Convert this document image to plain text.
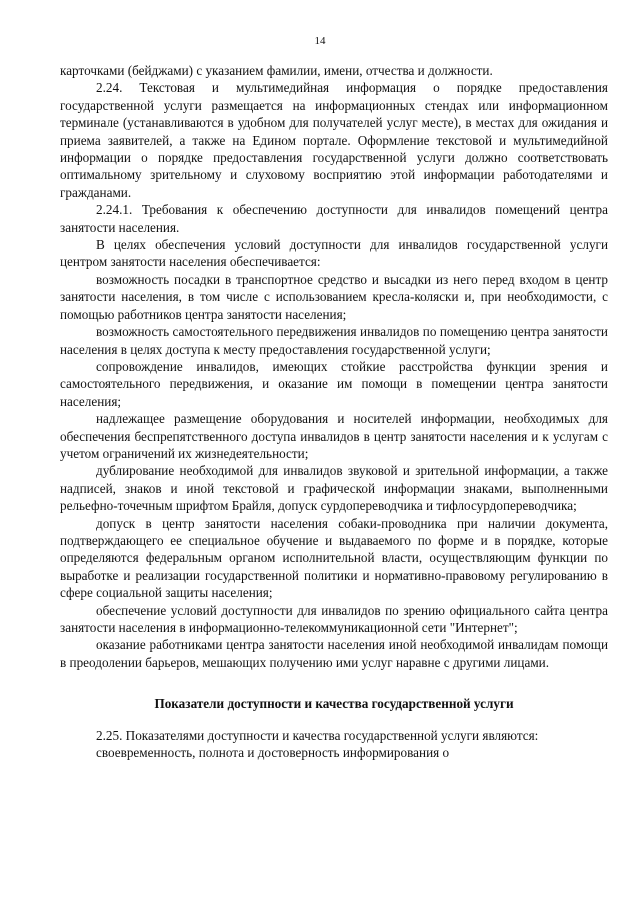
14

карточками (бейджами) с указанием фамилии, имени, отчества и должности.

2.24. Текстовая и мультимедийная информация о порядке предоставления государственной услуги размещается на информационных стендах или информационном терминале (устанавливаются в удобном для получателей услуг месте), в местах для ожидания и приема заявителей, а также на Едином портале. Оформление текстовой и мультимедийной информации о порядке предоставления государственной услуги должно соответствовать оптимальному зрительному и слуховому восприятию этой информации работодателями и гражданами.

2.24.1. Требования к обеспечению доступности для инвалидов помещений центра занятости населения.

В целях обеспечения условий доступности для инвалидов государственной услуги центром занятости населения обеспечивается:

возможность посадки в транспортное средство и высадки из него перед входом в центр занятости населения, в том числе с использованием кресла-коляски и, при необходимости, с помощью работников центра занятости населения;

возможность самостоятельного передвижения инвалидов по помещению центра занятости населения в целях доступа к месту предоставления государственной услуги;

сопровождение инвалидов, имеющих стойкие расстройства функции зрения и самостоятельного передвижения, и оказание им помощи в помещении центра занятости населения;

надлежащее размещение оборудования и носителей информации, необходимых для обеспечения беспрепятственного доступа инвалидов в центр занятости населения и к услугам с учетом ограничений их жизнедеятельности;

дублирование необходимой для инвалидов звуковой и зрительной информации, а также надписей, знаков и иной текстовой и графической информации знаками, выполненными рельефно-точечным шрифтом Брайля, допуск сурдопереводчика и тифлосурдопереводчика;

допуск в центр занятости населения собаки-проводника при наличии документа, подтверждающего ее специальное обучение и выдаваемого по форме и в порядке, которые определяются федеральным органом исполнительной власти, осуществляющим функции по выработке и реализации государственной политики и нормативно-правовому регулированию в сфере социальной защиты населения;

обеспечение условий доступности для инвалидов по зрению официального сайта центра занятости населения в информационно-телекоммуникационной сети "Интернет";

оказание работниками центра занятости населения иной необходимой инвалидам помощи в преодолении барьеров, мешающих получению ими услуг наравне с другими лицами.

Показатели доступности и качества государственной услуги

2.25. Показателями доступности и качества государственной услуги являются:

своевременность, полнота и достоверность информирования о
